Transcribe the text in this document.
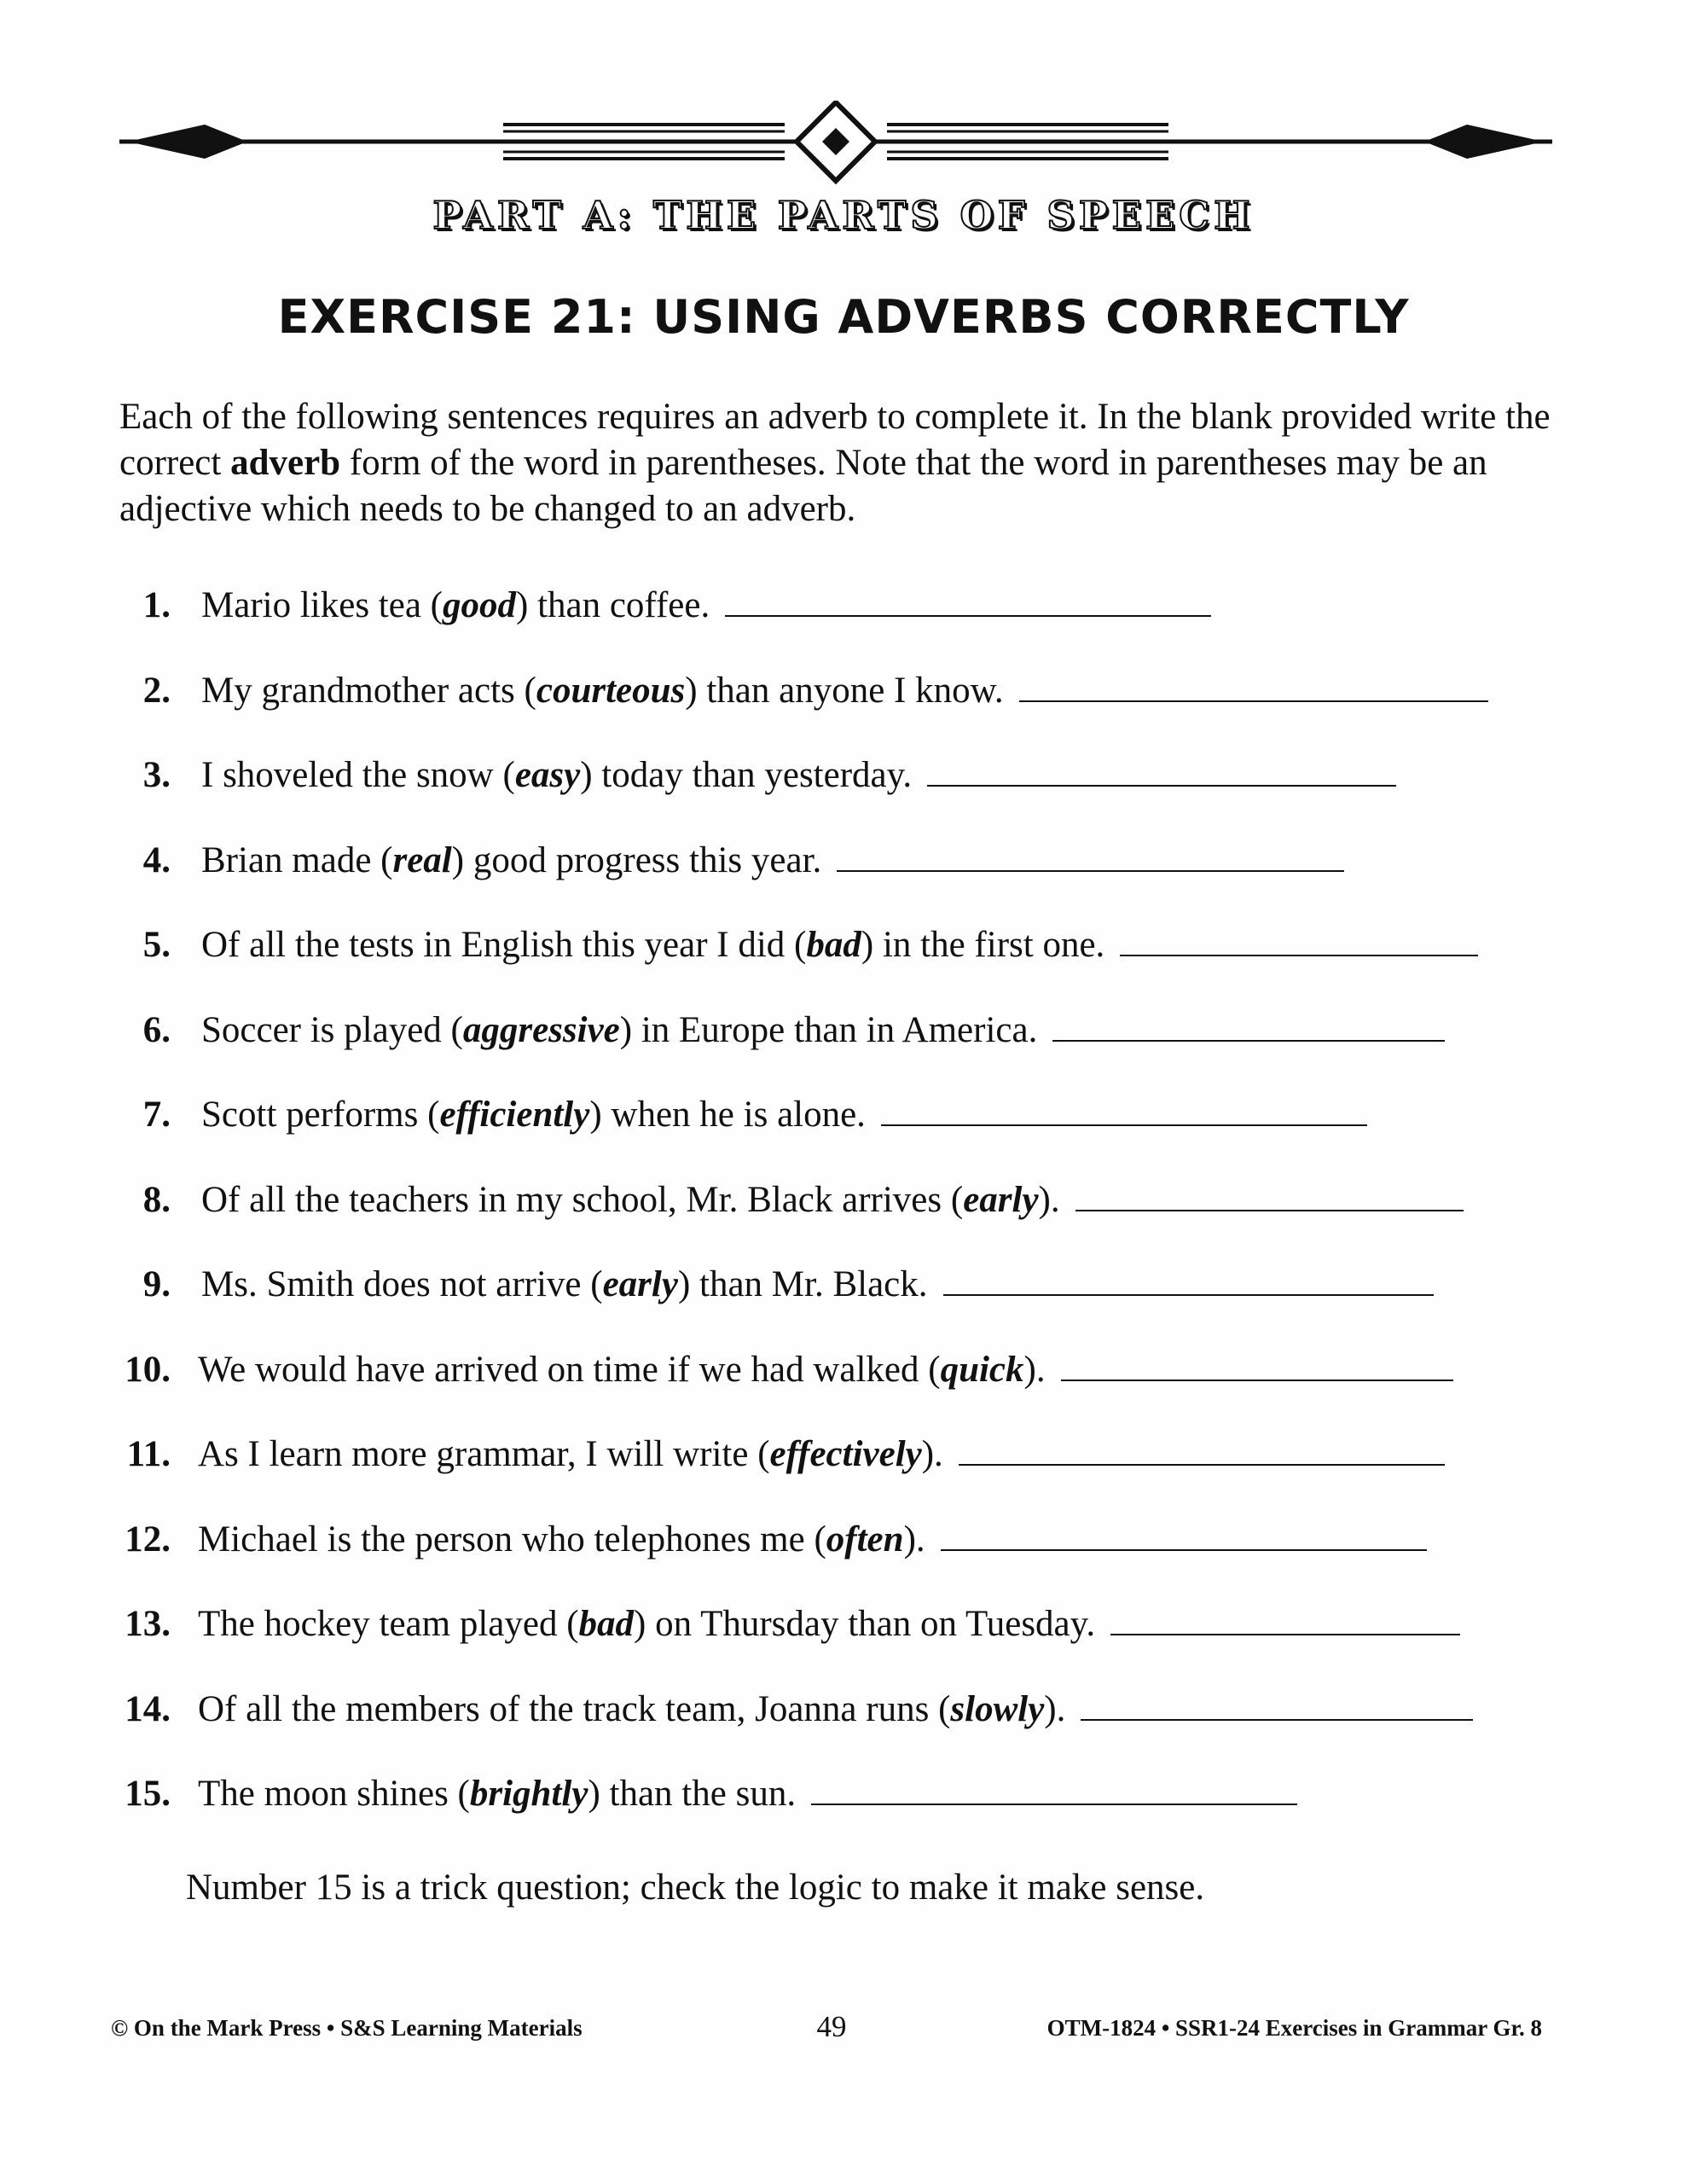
PART A: THE PARTS OF SPEECH
EXERCISE 21: USING ADVERBS CORRECTLY
Each of the following sentences requires an adverb to complete it. In the blank provided write the correct adverb form of the word in parentheses. Note that the word in parentheses may be an adjective which needs to be changed to an adverb.
1. Mario likes tea (good) than coffee.
2. My grandmother acts (courteous) than anyone I know.
3. I shoveled the snow (easy) today than yesterday.
4. Brian made (real) good progress this year.
5. Of all the tests in English this year I did (bad) in the first one.
6. Soccer is played (aggressive) in Europe than in America.
7. Scott performs (efficiently) when he is alone.
8. Of all the teachers in my school, Mr. Black arrives (early).
9. Ms. Smith does not arrive (early) than Mr. Black.
10. We would have arrived on time if we had walked (quick).
11. As I learn more grammar, I will write (effectively).
12. Michael is the person who telephones me (often).
13. The hockey team played (bad) on Thursday than on Tuesday.
14. Of all the members of the track team, Joanna runs (slowly).
15. The moon shines (brightly) than the sun.
Number 15 is a trick question; check the logic to make it make sense.
© On the Mark Press • S&S Learning Materials	49	OTM-1824 • SSR1-24 Exercises in Grammar Gr. 8
